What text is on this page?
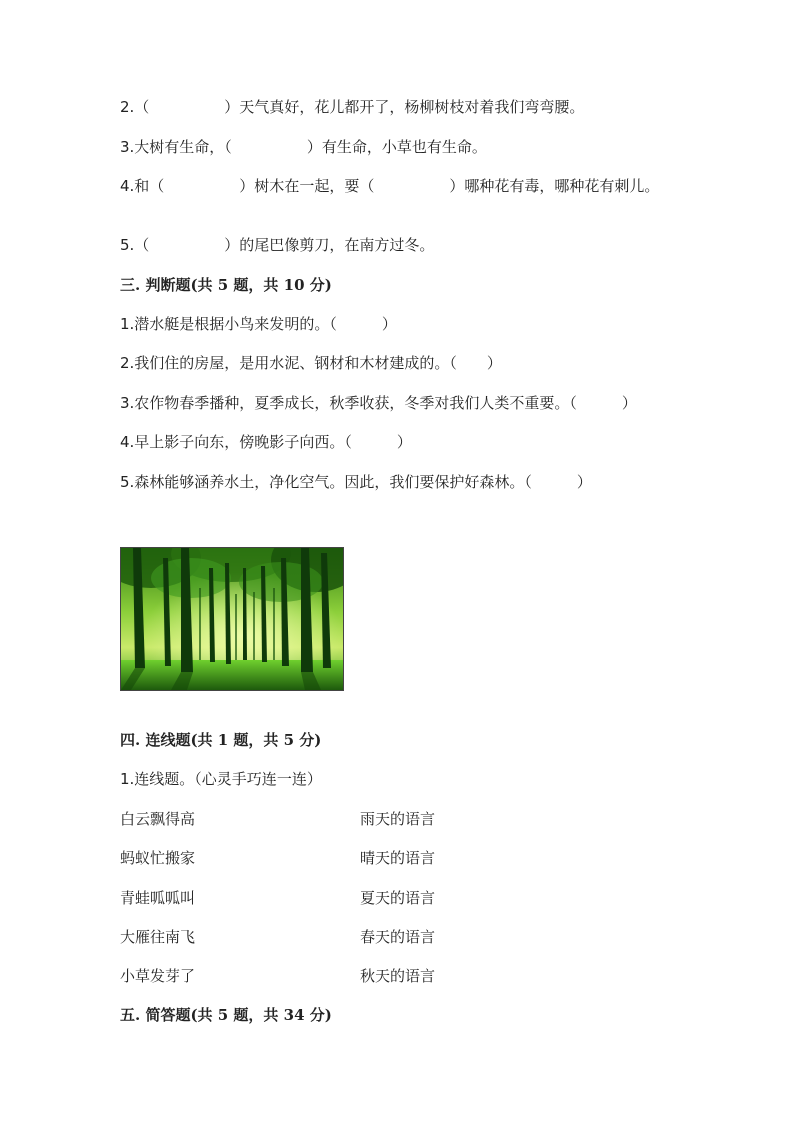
2.（　　　　　）天气真好，花儿都开了，杨柳树枝对着我们弯弯腰。
3.大树有生命，（　　　　　）有生命，小草也有生命。
4.和（　　　　　）树木在一起，要（　　　　　）哪种花有毒，哪种花有刺儿。
5.（　　　　　）的尾巴像剪刀，在南方过冬。
三. 判断题(共 5 题，共 10 分)
1.潜水艇是根据小鸟来发明的。（　　　）
2.我们住的房屋，是用水泥、钢材和木材建成的。（　　）
3.农作物春季播种，夏季成长，秋季收获，冬季对我们人类不重要。（　　　）
4.早上影子向东，傍晚影子向西。（　　　）
5.森林能够涵养水土，净化空气。因此，我们要保护好森林。（　　　）
四. 连线题(共 1 题，共 5 分)
1.连线题。（心灵手巧连一连）
白云飘得高	雨天的语言
蚂蚁忙搬家	晴天的语言
青蛙呱呱叫	夏天的语言
大雁往南飞	春天的语言
小草发芽了	秋天的语言
五. 简答题(共 5 题，共 34 分)
